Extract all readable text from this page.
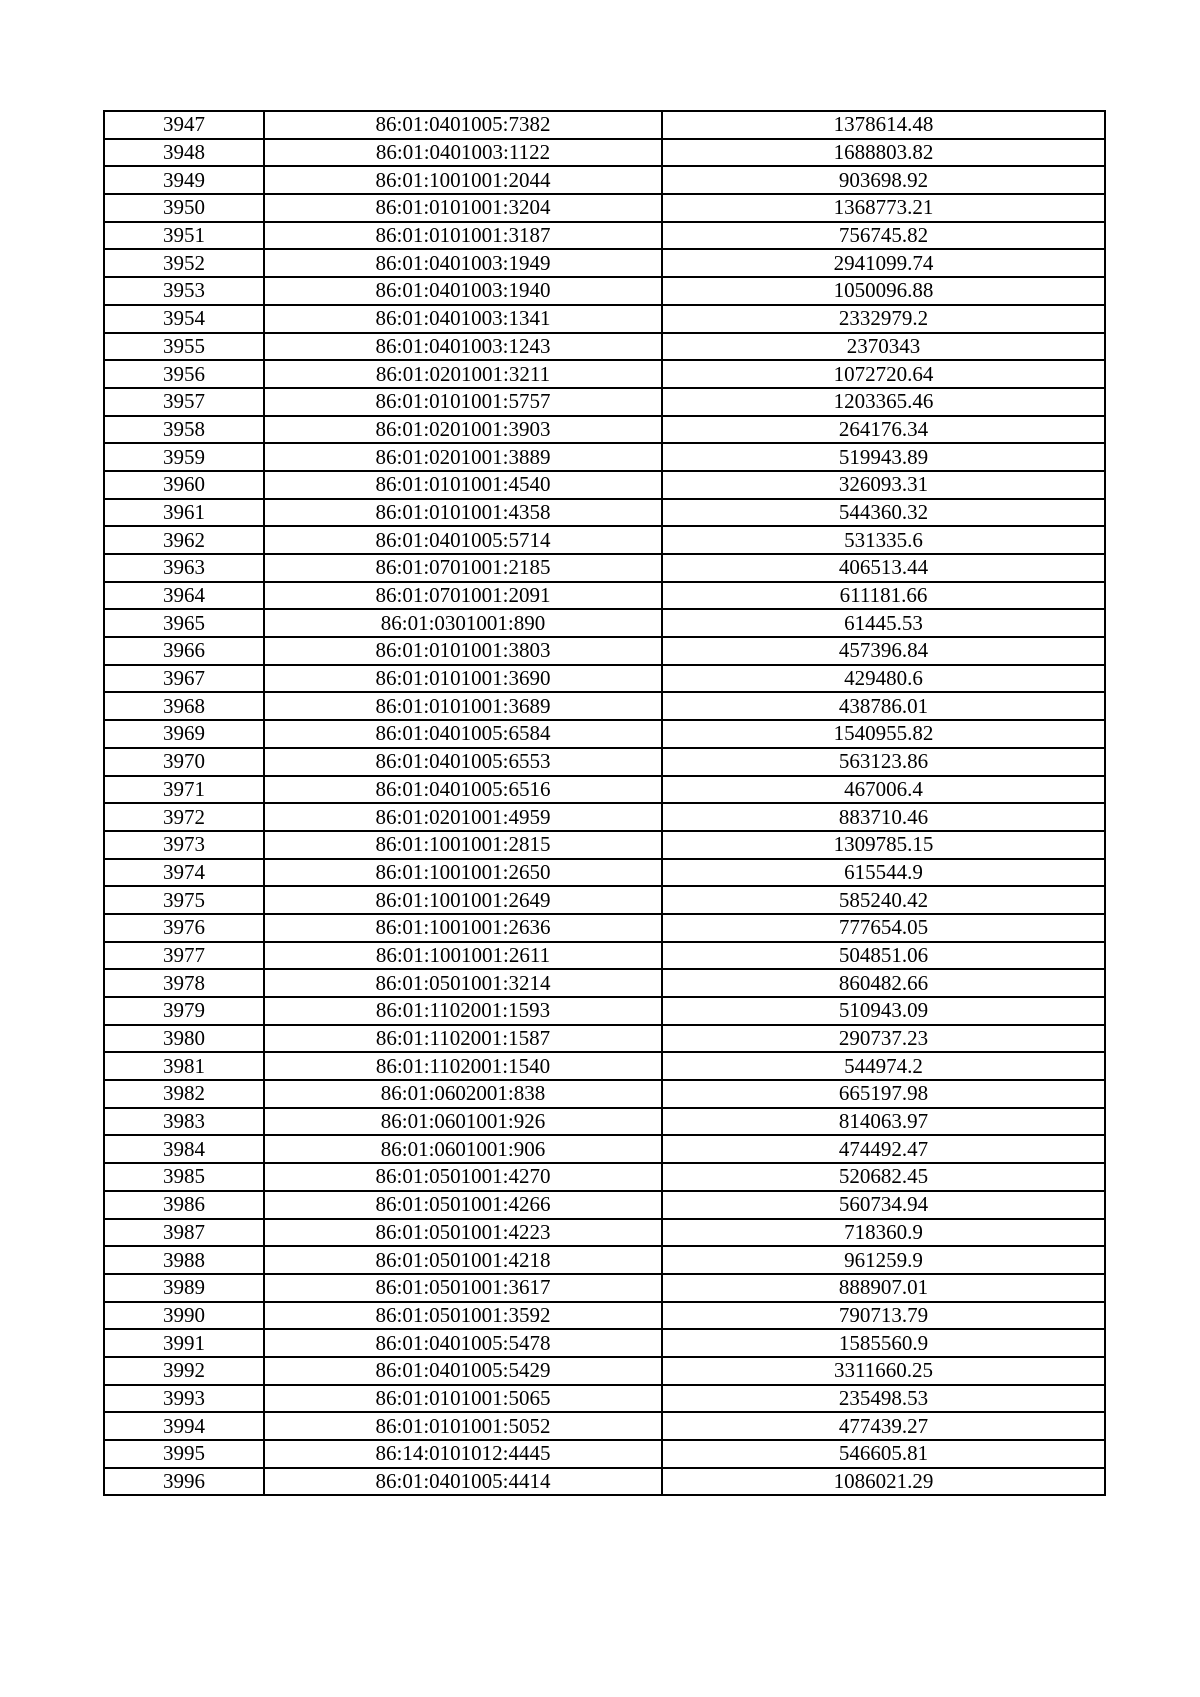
3947	86:01:0401005:7382	1378614.48
3948	86:01:0401003:1122	1688803.82
3949	86:01:1001001:2044	903698.92
3950	86:01:0101001:3204	1368773.21
3951	86:01:0101001:3187	756745.82
3952	86:01:0401003:1949	2941099.74
3953	86:01:0401003:1940	1050096.88
3954	86:01:0401003:1341	2332979.2
3955	86:01:0401003:1243	2370343
3956	86:01:0201001:3211	1072720.64
3957	86:01:0101001:5757	1203365.46
3958	86:01:0201001:3903	264176.34
3959	86:01:0201001:3889	519943.89
3960	86:01:0101001:4540	326093.31
3961	86:01:0101001:4358	544360.32
3962	86:01:0401005:5714	531335.6
3963	86:01:0701001:2185	406513.44
3964	86:01:0701001:2091	611181.66
3965	86:01:0301001:890	61445.53
3966	86:01:0101001:3803	457396.84
3967	86:01:0101001:3690	429480.6
3968	86:01:0101001:3689	438786.01
3969	86:01:0401005:6584	1540955.82
3970	86:01:0401005:6553	563123.86
3971	86:01:0401005:6516	467006.4
3972	86:01:0201001:4959	883710.46
3973	86:01:1001001:2815	1309785.15
3974	86:01:1001001:2650	615544.9
3975	86:01:1001001:2649	585240.42
3976	86:01:1001001:2636	777654.05
3977	86:01:1001001:2611	504851.06
3978	86:01:0501001:3214	860482.66
3979	86:01:1102001:1593	510943.09
3980	86:01:1102001:1587	290737.23
3981	86:01:1102001:1540	544974.2
3982	86:01:0602001:838	665197.98
3983	86:01:0601001:926	814063.97
3984	86:01:0601001:906	474492.47
3985	86:01:0501001:4270	520682.45
3986	86:01:0501001:4266	560734.94
3987	86:01:0501001:4223	718360.9
3988	86:01:0501001:4218	961259.9
3989	86:01:0501001:3617	888907.01
3990	86:01:0501001:3592	790713.79
3991	86:01:0401005:5478	1585560.9
3992	86:01:0401005:5429	3311660.25
3993	86:01:0101001:5065	235498.53
3994	86:01:0101001:5052	477439.27
3995	86:14:0101012:4445	546605.81
3996	86:01:0401005:4414	1086021.29
